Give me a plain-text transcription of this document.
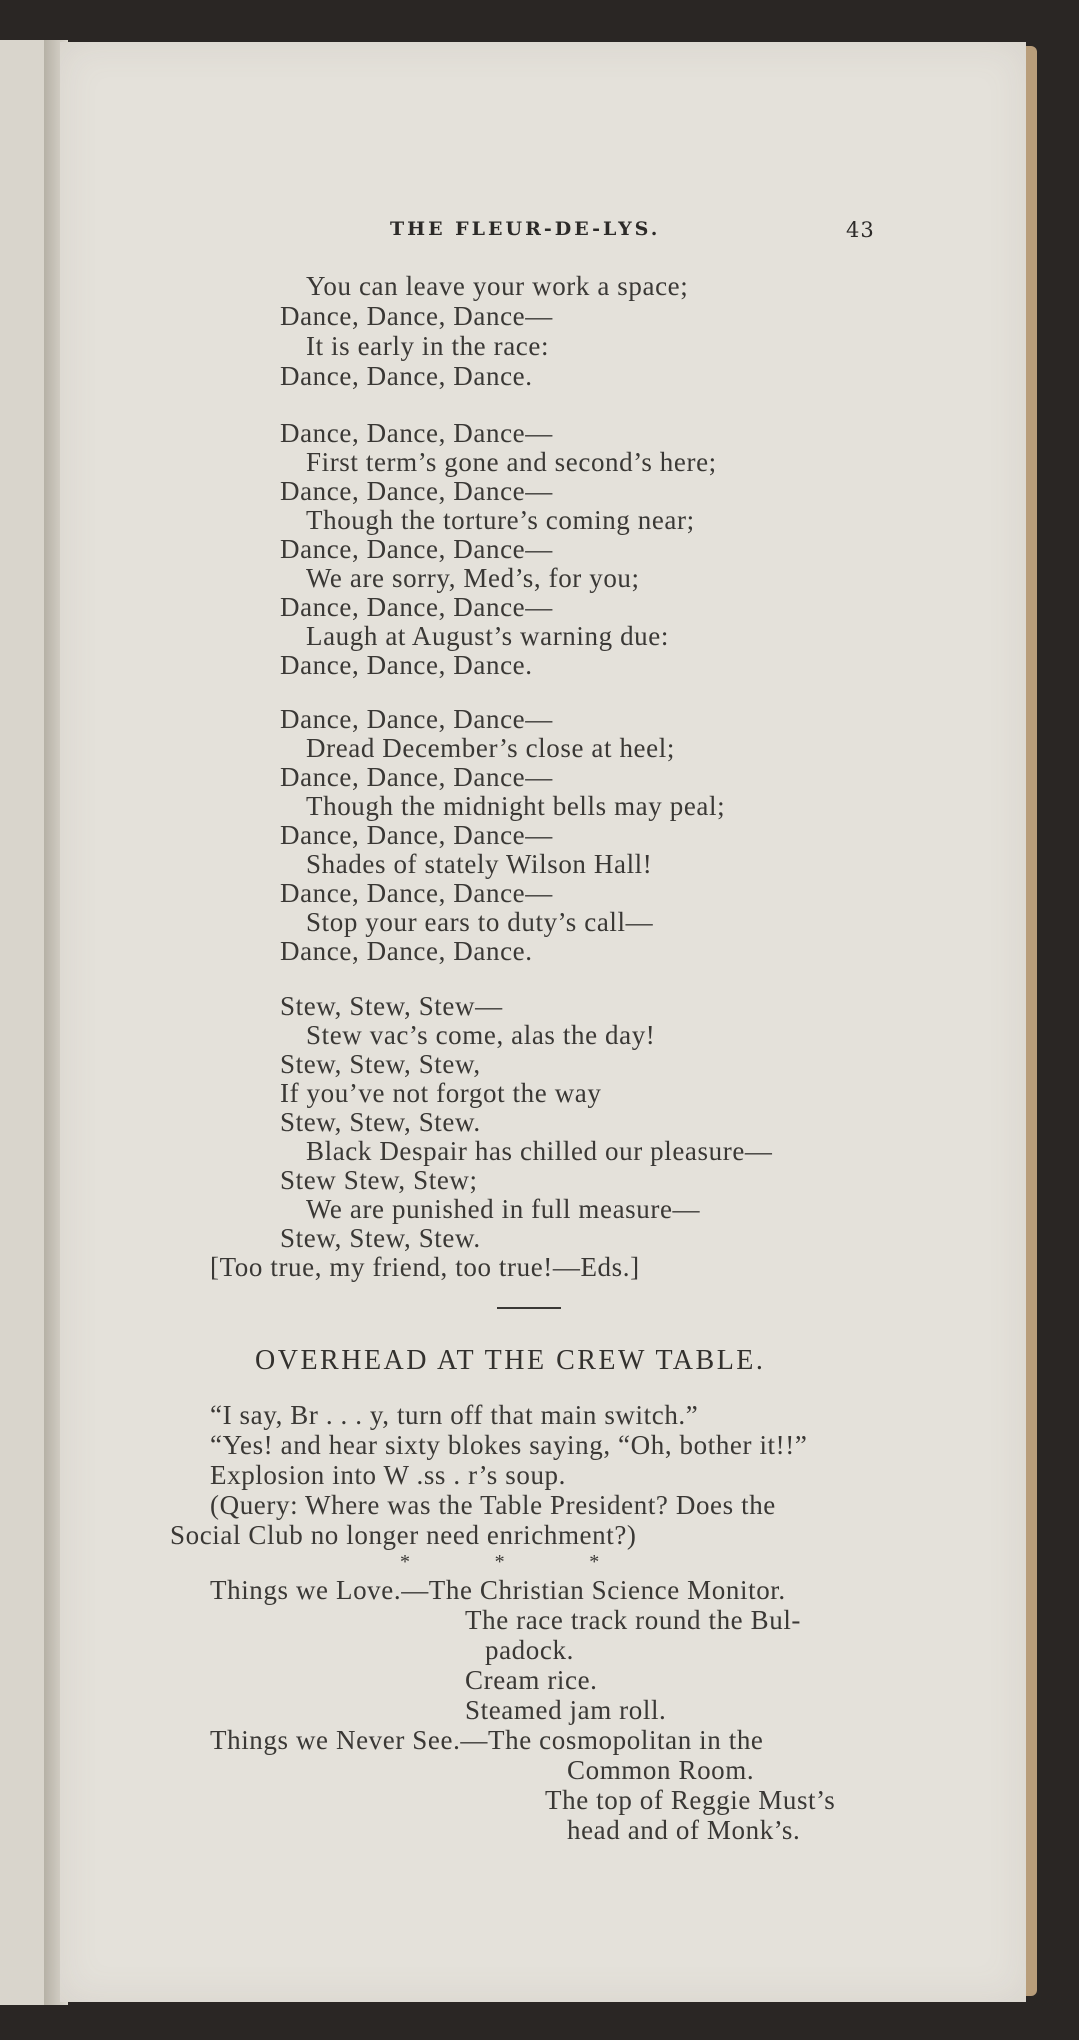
THE FLEUR-DE-LYS.	43
You can leave your work a space;
Dance, Dance, Dance—
It is early in the race:
Dance, Dance, Dance.
Dance, Dance, Dance—
First term’s gone and second’s here;
Dance, Dance, Dance—
Though the torture’s coming near;
Dance, Dance, Dance—
We are sorry, Med’s, for you;
Dance, Dance, Dance—
Laugh at August’s warning due:
Dance, Dance, Dance.
Dance, Dance, Dance—
Dread December’s close at heel;
Dance, Dance, Dance—
Though the midnight bells may peal;
Dance, Dance, Dance—
Shades of stately Wilson Hall!
Dance, Dance, Dance—
Stop your ears to duty’s call—
Dance, Dance, Dance.
Stew, Stew, Stew—
Stew vac’s come, alas the day!
Stew, Stew, Stew,
If you’ve not forgot the way
Stew, Stew, Stew.
Black Despair has chilled our pleasure—
Stew Stew, Stew;
We are punished in full measure—
Stew, Stew, Stew.
[Too true, my friend, too true!—Eds.]
OVERHEAD AT THE CREW TABLE.
“I say, Br . . . y, turn off that main switch.”
“Yes! and hear sixty blokes saying, “Oh, bother it!!”
Explosion into W .ss . r’s soup.
(Query: Where was the Table President? Does the
Social Club no longer need enrichment?)
*               *               *
Things we Love.—The Christian Science Monitor.
The race track round the Bul-
padock.
Cream rice.
Steamed jam roll.
Things we Never See.—The cosmopolitan in the
Common Room.
The top of Reggie Must’s
head and of Monk’s.
